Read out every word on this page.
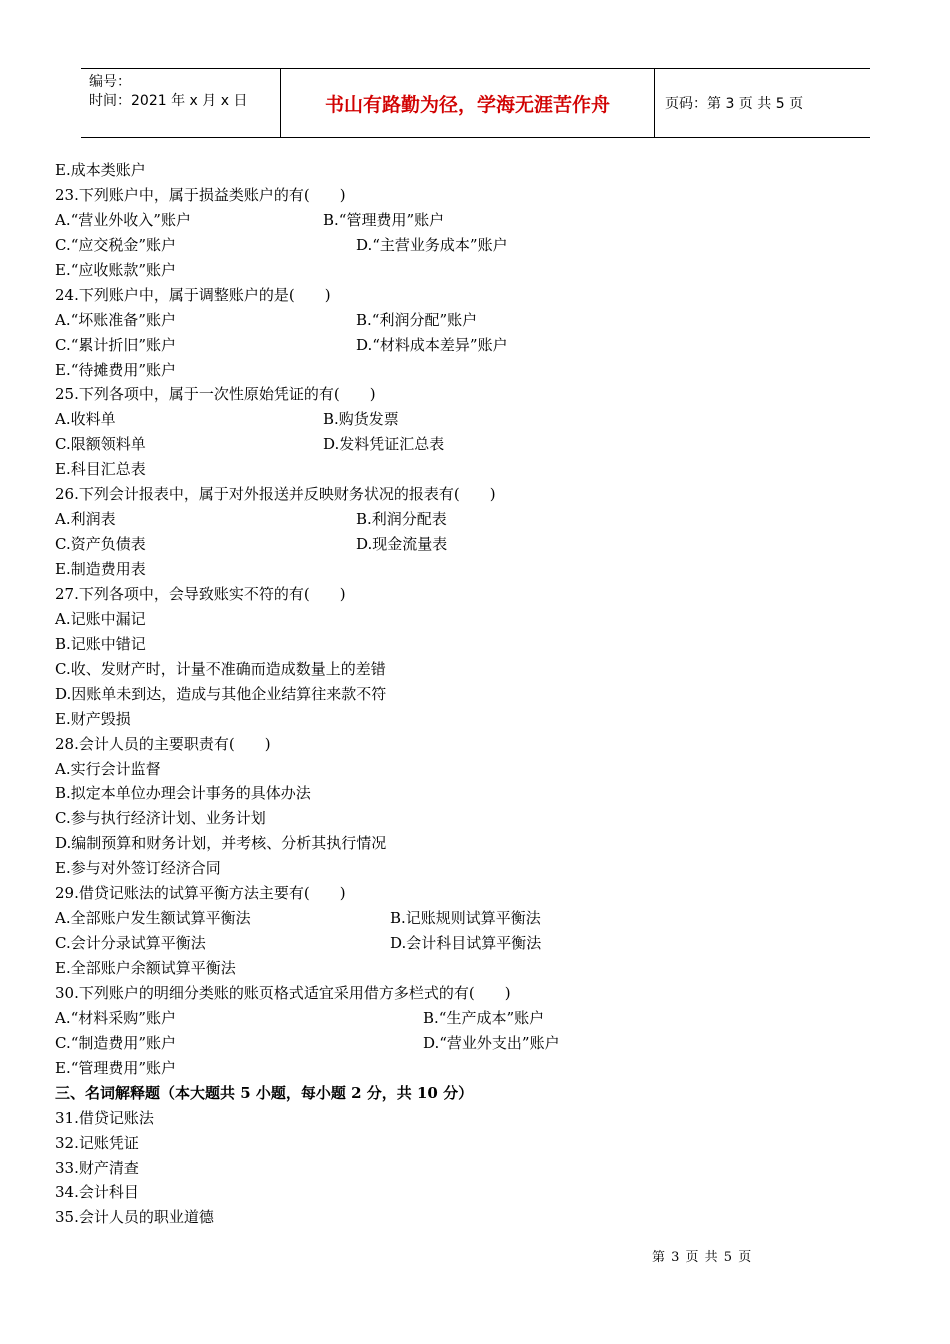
编号：
时间：2021 年 x 月 x 日	书山有路勤为径，学海无涯苦作舟	页码：第 3 页 共 5 页
E.成本类账户
23.下列账户中，属于损益类账户的有(　　)
A.“营业外收入”账户	B.“管理费用”账户
C.“应交税金”账户	D.“主营业务成本”账户
E.“应收账款”账户
24.下列账户中，属于调整账户的是(　　)
A.“坏账准备”账户	B.“利润分配”账户
C.“累计折旧”账户	D.“材料成本差异”账户
E.“待摊费用”账户
25.下列各项中，属于一次性原始凭证的有(　　)
A.收料单	B.购货发票
C.限额领料单	D.发料凭证汇总表
E.科目汇总表
26.下列会计报表中，属于对外报送并反映财务状况的报表有(　　)
A.利润表	B.利润分配表
C.资产负债表	D.现金流量表
E.制造费用表
27.下列各项中，会导致账实不符的有(　　)
A.记账中漏记
B.记账中错记
C.收、发财产时，计量不准确而造成数量上的差错
D.因账单未到达，造成与其他企业结算往来款不符
E.财产毁损
28.会计人员的主要职责有(　　)
A.实行会计监督
B.拟定本单位办理会计事务的具体办法
C.参与执行经济计划、业务计划
D.编制预算和财务计划，并考核、分析其执行情况
E.参与对外签订经济合同
29.借贷记账法的试算平衡方法主要有(　　)
A.全部账户发生额试算平衡法	B.记账规则试算平衡法
C.会计分录试算平衡法	D.会计科目试算平衡法
E.全部账户余额试算平衡法
30.下列账户的明细分类账的账页格式适宜采用借方多栏式的有(　　)
A.“材料采购”账户	B.“生产成本”账户
C.“制造费用”账户	D.“营业外支出”账户
E.“管理费用”账户
三、名词解释题（本大题共 5 小题，每小题 2 分，共 10 分）
31.借贷记账法
32.记账凭证
33.财产清查
34.会计科目
35.会计人员的职业道德
第 3 页 共 5 页
